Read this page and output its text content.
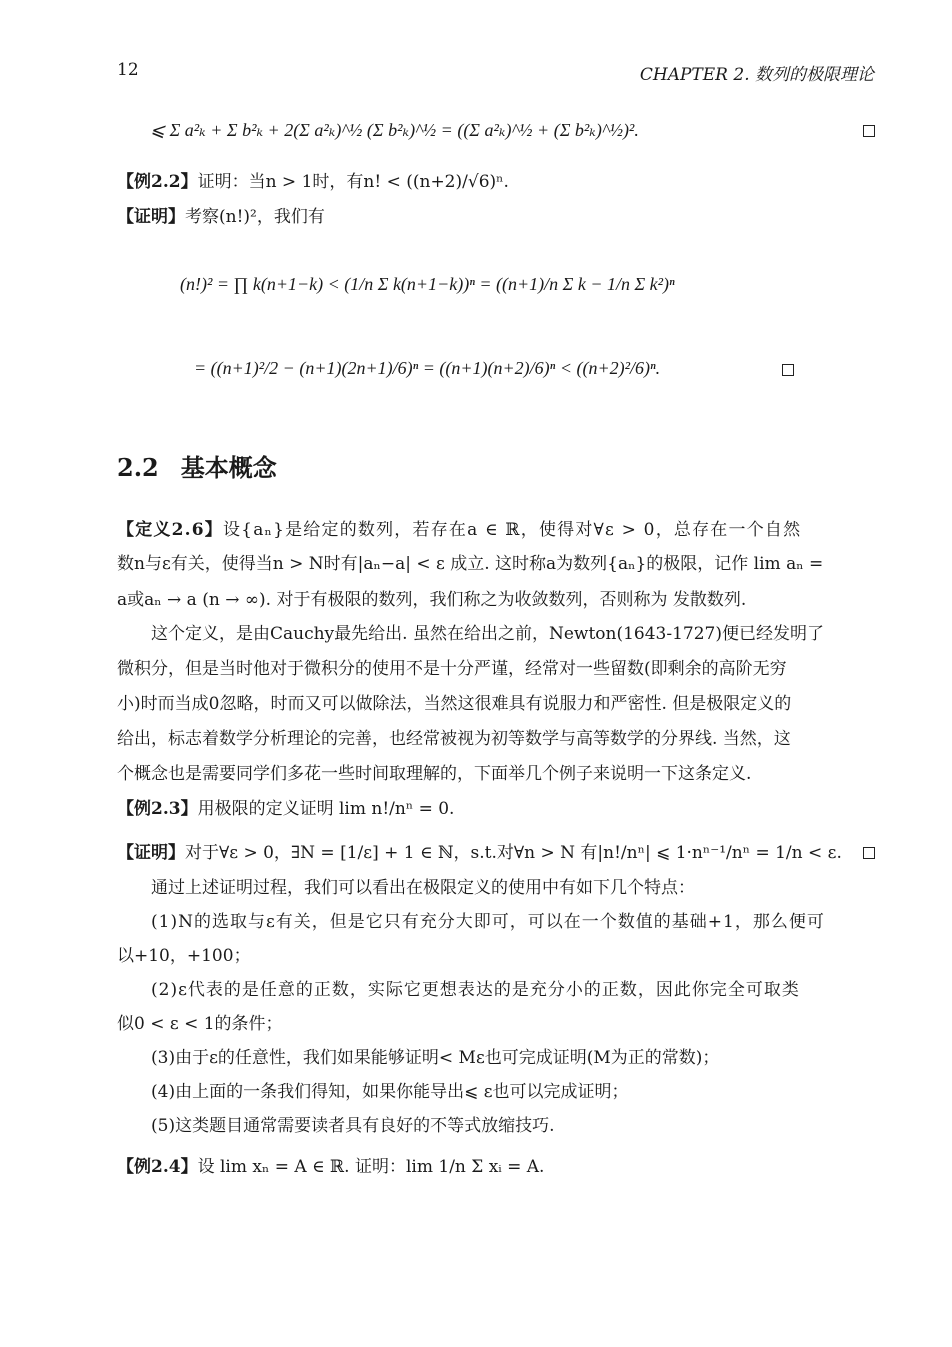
12	CHAPTER 2. 数列的极限理论
⩽ Σ a²ₖ + Σ b²ₖ + 2(Σ a²ₖ)^½ (Σ b²ₖ)^½ = ((Σ a²ₖ)^½ + (Σ b²ₖ)^½)².
【例2.2】证明：当n > 1时，有n! < ((n+2)/√6)ⁿ.
【证明】考察(n!)²，我们有
(n!)² = ∏ k(n+1−k) < (1/n Σ k(n+1−k))ⁿ = ((n+1)/n Σ k − 1/n Σ k²)ⁿ
= ((n+1)²/2 − (n+1)(2n+1)/6)ⁿ = ((n+1)(n+2)/6)ⁿ < ((n+2)²/6)ⁿ.
2.2 基本概念
【定义2.6】设{aₙ}是给定的数列，若存在a ∈ ℝ，使得对∀ε > 0，总存在一个自然
数n与ε有关，使得当n > N时有|aₙ−a| < ε 成立. 这时称a为数列{aₙ}的极限，记作 lim aₙ =
a或aₙ → a (n → ∞). 对于有极限的数列，我们称之为收敛数列，否则称为 发散数列.
这个定义，是由Cauchy最先给出. 虽然在给出之前，Newton(1643-1727)便已经发明了
微积分，但是当时他对于微积分的使用不是十分严谨，经常对一些留数(即剩余的高阶无穷
小)时而当成0忽略，时而又可以做除法，当然这很难具有说服力和严密性. 但是极限定义的
给出，标志着数学分析理论的完善，也经常被视为初等数学与高等数学的分界线. 当然，这
个概念也是需要同学们多花一些时间取理解的，下面举几个例子来说明一下这条定义.
【例2.3】用极限的定义证明 lim n!/nⁿ = 0.
【证明】对于∀ε > 0，∃N = [1/ε] + 1 ∈ ℕ，s.t.对∀n > N 有|n!/nⁿ| ⩽ 1·nⁿ⁻¹/nⁿ = 1/n < ε.
通过上述证明过程，我们可以看出在极限定义的使用中有如下几个特点：
(1)N的选取与ε有关，但是它只有充分大即可，可以在一个数值的基础+1，那么便可
以+10，+100；
(2)ε代表的是任意的正数，实际它更想表达的是充分小的正数，因此你完全可取类
似0 < ε < 1的条件；
(3)由于ε的任意性，我们如果能够证明< Mε也可完成证明(M为正的常数)；
(4)由上面的一条我们得知，如果你能导出⩽ ε也可以完成证明；
(5)这类题目通常需要读者具有良好的不等式放缩技巧.
【例2.4】设 lim xₙ = A ∈ ℝ. 证明：lim 1/n Σ xᵢ = A.
